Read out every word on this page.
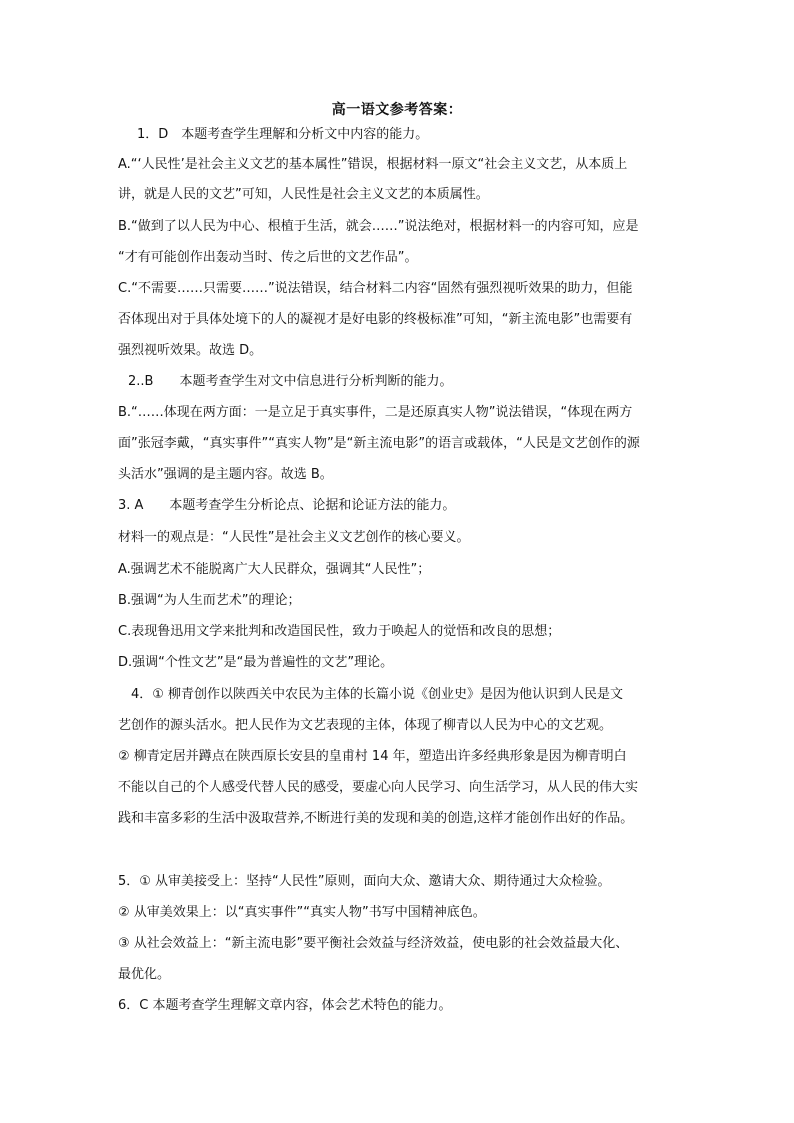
高一语文参考答案：
1．D　本题考查学生理解和分析文中内容的能力。
A.“‘人民性’是社会主义文艺的基本属性”错误，根据材料一原文“社会主义文艺，从本质上
讲，就是人民的文艺”可知，人民性是社会主义文艺的本质属性。
B.“做到了以人民为中心、根植于生活，就会……”说法绝对，根据材料一的内容可知，应是
“才有可能创作出轰动当时、传之后世的文艺作品”。
C.“不需要……只需要……”说法错误，结合材料二内容“固然有强烈视听效果的助力，但能
否体现出对于具体处境下的人的凝视才是好电影的终极标准”可知，“新主流电影”也需要有
强烈视听效果。故选 D。
2..B　　本题考查学生对文中信息进行分析判断的能力。
B.“……体现在两方面：一是立足于真实事件，二是还原真实人物”说法错误，“体现在两方
面”张冠李戴，“真实事件”“真实人物”是“新主流电影”的语言或载体，“人民是文艺创作的源
头活水”强调的是主题内容。故选 B。
3. A　　本题考查学生分析论点、论据和论证方法的能力。
材料一的观点是：“人民性”是社会主义文艺创作的核心要义。
A.强调艺术不能脱离广大人民群众，强调其“人民性”；
B.强调“为人生而艺术”的理论；
C.表现鲁迅用文学来批判和改造国民性，致力于唤起人的觉悟和改良的思想；
D.强调“个性文艺”是“最为普遍性的文艺”理论。
4．① 柳青创作以陕西关中农民为主体的长篇小说《创业史》是因为他认识到人民是文
艺创作的源头活水。把人民作为文艺表现的主体，体现了柳青以人民为中心的文艺观。
② 柳青定居并蹲点在陕西原长安县的皇甫村 14 年，塑造出许多经典形象是因为柳青明白
不能以自己的个人感受代替人民的感受，要虚心向人民学习、向生活学习，从人民的伟大实
践和丰富多彩的生活中汲取营养,不断进行美的发现和美的创造,这样才能创作出好的作品。
5．① 从审美接受上：坚持“人民性”原则，面向大众、邀请大众、期待通过大众检验。
② 从审美效果上：以“真实事件”“真实人物”书写中国精神底色。
③ 从社会效益上：“新主流电影”要平衡社会效益与经济效益，使电影的社会效益最大化、
最优化。
6．C 本题考查学生理解文章内容，体会艺术特色的能力。
